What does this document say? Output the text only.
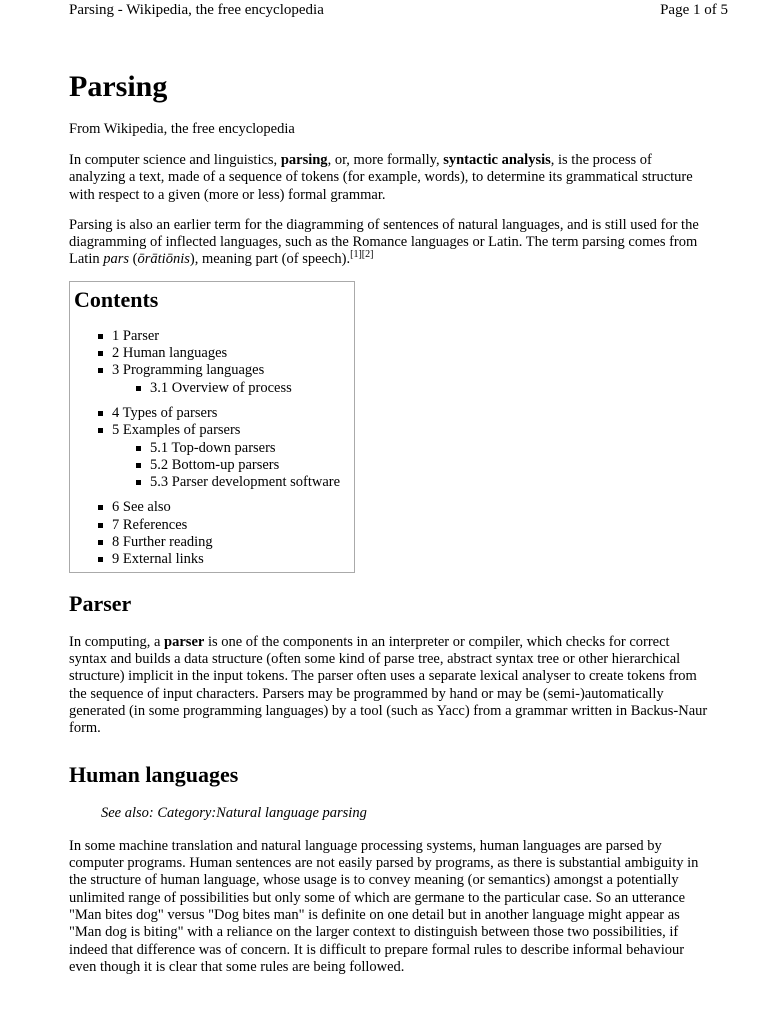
Parsing - Wikipedia, the free encyclopedia	Page 1 of 5
Parsing
From Wikipedia, the free encyclopedia

In computer science and linguistics, parsing, or, more formally, syntactic analysis, is the process of analyzing a text, made of a sequence of tokens (for example, words), to determine its grammatical structure with respect to a given (more or less) formal grammar.

Parsing is also an earlier term for the diagramming of sentences of natural languages, and is still used for the diagramming of inflected languages, such as the Romance languages or Latin. The term parsing comes from Latin pars (ōrātiōnis), meaning part (of speech).[1][2]

Contents
1 Parser
2 Human languages
3 Programming languages
3.1 Overview of process
4 Types of parsers
5 Examples of parsers
5.1 Top-down parsers
5.2 Bottom-up parsers
5.3 Parser development software
6 See also
7 References
8 Further reading
9 External links
Parser

In computing, a parser is one of the components in an interpreter or compiler, which checks for correct syntax and builds a data structure (often some kind of parse tree, abstract syntax tree or other hierarchical structure) implicit in the input tokens. The parser often uses a separate lexical analyser to create tokens from the sequence of input characters. Parsers may be programmed by hand or may be (semi-)automatically generated (in some programming languages) by a tool (such as Yacc) from a grammar written in Backus-Naur form.

Human languages
See also: Category:Natural language parsing

In some machine translation and natural language processing systems, human languages are parsed by computer programs. Human sentences are not easily parsed by programs, as there is substantial ambiguity in the structure of human language, whose usage is to convey meaning (or semantics) amongst a potentially unlimited range of possibilities but only some of which are germane to the particular case. So an utterance "Man bites dog" versus "Dog bites man" is definite on one detail but in another language might appear as "Man dog is biting" with a reliance on the larger context to distinguish between those two possibilities, if indeed that difference was of concern. It is difficult to prepare formal rules to describe informal behaviour even though it is clear that some rules are being followed.
